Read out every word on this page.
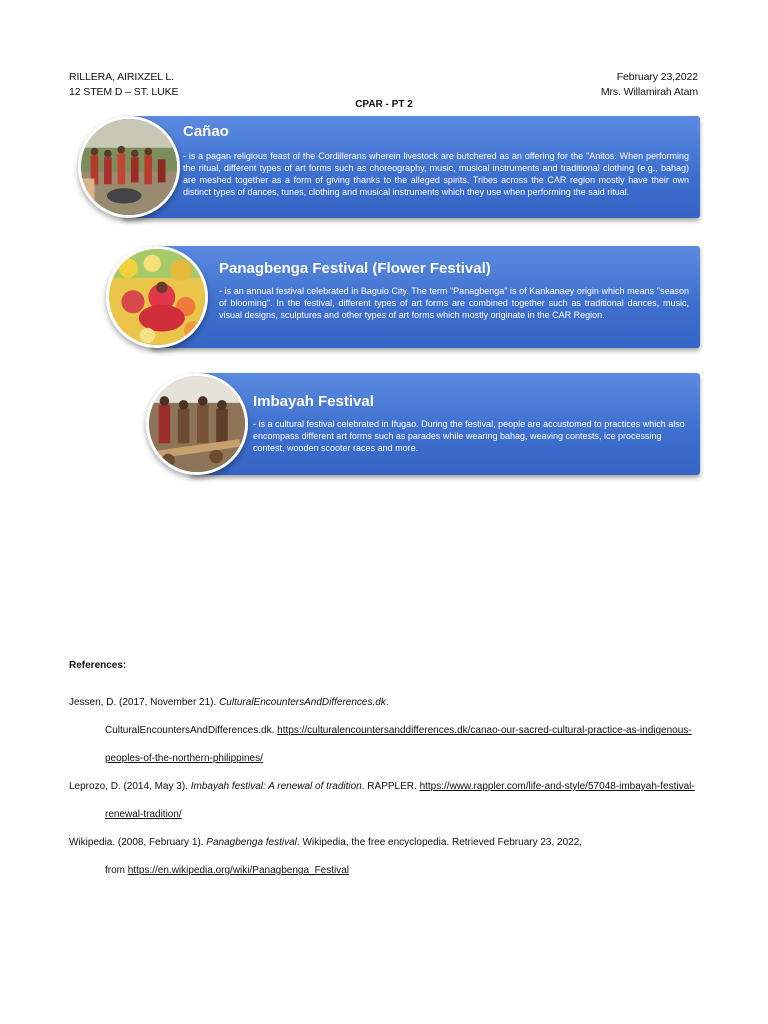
RILLERA, AIRIXZEL L.
12 STEM D – ST. LUKE
February 23,2022
Mrs. Willamirah Atam
CPAR - PT 2
Cañao
- is a pagan religious feast of the Cordillerans wherein livestock are butchered as an offering for the "Anitos. When performing the ritual, different types of art forms such as choreography, music, musical instruments and traditional clothing (e.g., bahag) are meshed together as a form of giving thanks to the alleged spirits. Tribes across the CAR region mostly have their own distinct types of dances, tunes, clothing and musical instruments which they use when performing the said ritual.
Panagbenga Festival (Flower Festival)
- is an annual festival celebrated in Baguio City. The term "Panagbenga" is of Kankanaey origin which means "season of blooming". In the festival, different types of art forms are combined together such as traditional dances, music, visual designs, sculptures and other types of art forms which mostly originate in the CAR Region.
Imbayah Festival
- is a cultural festival celebrated in Ifugao. During the festival, people are accustomed to practices which also encompass different art forms such as parades while wearing bahag, weaving contests, ice processing contest, wooden scooter races and more.
References:
Jessen, D. (2017, November 21). CulturalEncountersAndDifferences.dk.
CulturalEncountersAndDifferences.dk. https://culturalencountersanddifferences.dk/canao-our-sacred-cultural-practice-as-indigenous-
peoples-of-the-northern-philippines/
Leprozo, D. (2014, May 3). Imbayah festival: A renewal of tradition. RAPPLER. https://www.rappler.com/life-and-style/57048-imbayah-festival-
renewal-tradition/
Wikipedia. (2008, February 1). Panagbenga festival. Wikipedia, the free encyclopedia. Retrieved February 23, 2022,
from https://en.wikipedia.org/wiki/Panagbenga_Festival
